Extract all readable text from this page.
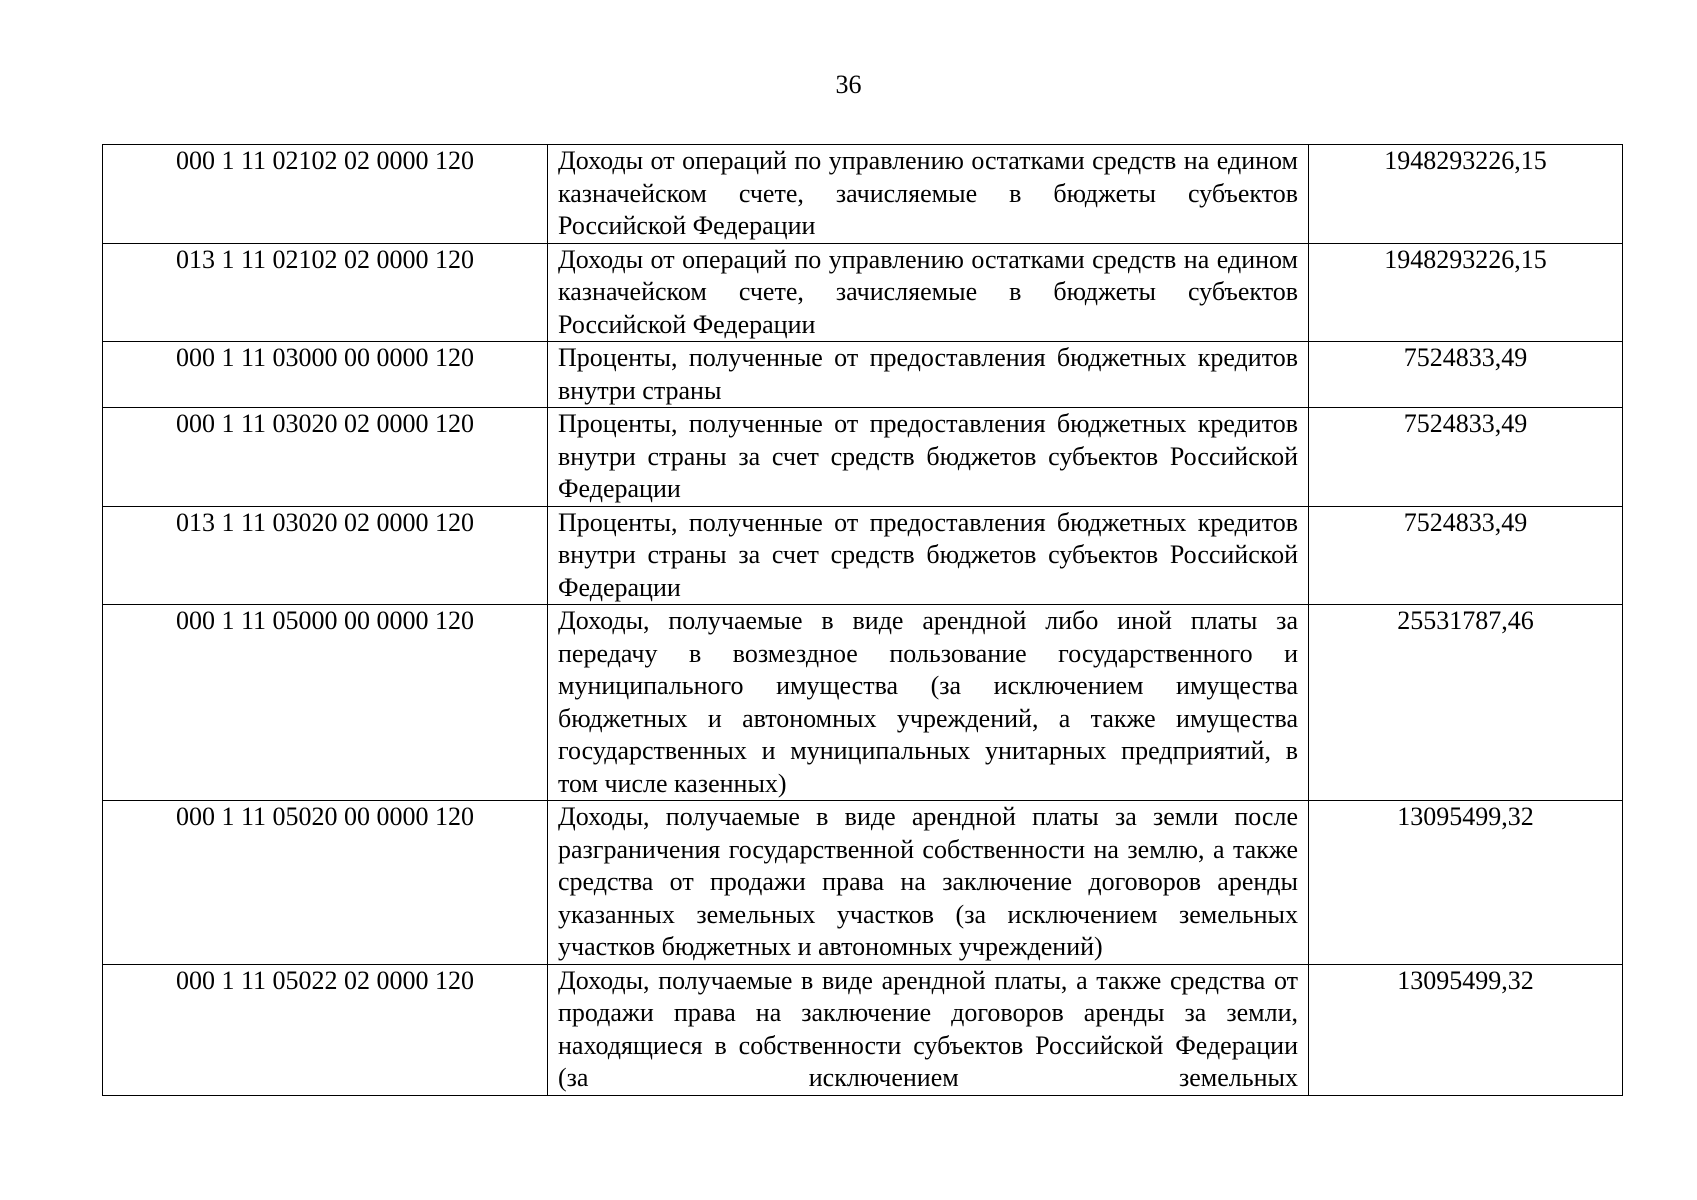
36
000 1 11 02102 02 0000 120	Доходы от операций по управлению остатками средств на едином казначейском счете, зачисляемые в бюджеты субъектов Российской Федерации	1948293226,15
013 1 11 02102 02 0000 120	Доходы от операций по управлению остатками средств на едином казначейском счете, зачисляемые в бюджеты субъектов Российской Федерации	1948293226,15
000 1 11 03000 00 0000 120	Проценты, полученные от предоставления бюджетных кредитов внутри страны	7524833,49
000 1 11 03020 02 0000 120	Проценты, полученные от предоставления бюджетных кредитов внутри страны за счет средств бюджетов субъектов Российской Федерации	7524833,49
013 1 11 03020 02 0000 120	Проценты, полученные от предоставления бюджетных кредитов внутри страны за счет средств бюджетов субъектов Российской Федерации	7524833,49
000 1 11 05000 00 0000 120	Доходы, получаемые в виде арендной либо иной платы за передачу в возмездное пользование государственного и муниципального имущества (за исключением имущества бюджетных и автономных учреждений, а также имущества государственных и муниципальных унитарных предприятий, в том числе казенных)	25531787,46
000 1 11 05020 00 0000 120	Доходы, получаемые в виде арендной платы за земли после разграничения государственной собственности на землю, а также средства от продажи права на заключение договоров аренды указанных земельных участков (за исключением земельных участков бюджетных и автономных учреждений)	13095499,32
000 1 11 05022 02 0000 120	Доходы, получаемые в виде арендной платы, а также средства от продажи права на заключение договоров аренды за земли, находящиеся в собственности субъектов Российской Федерации (за исключением земельных	13095499,32
